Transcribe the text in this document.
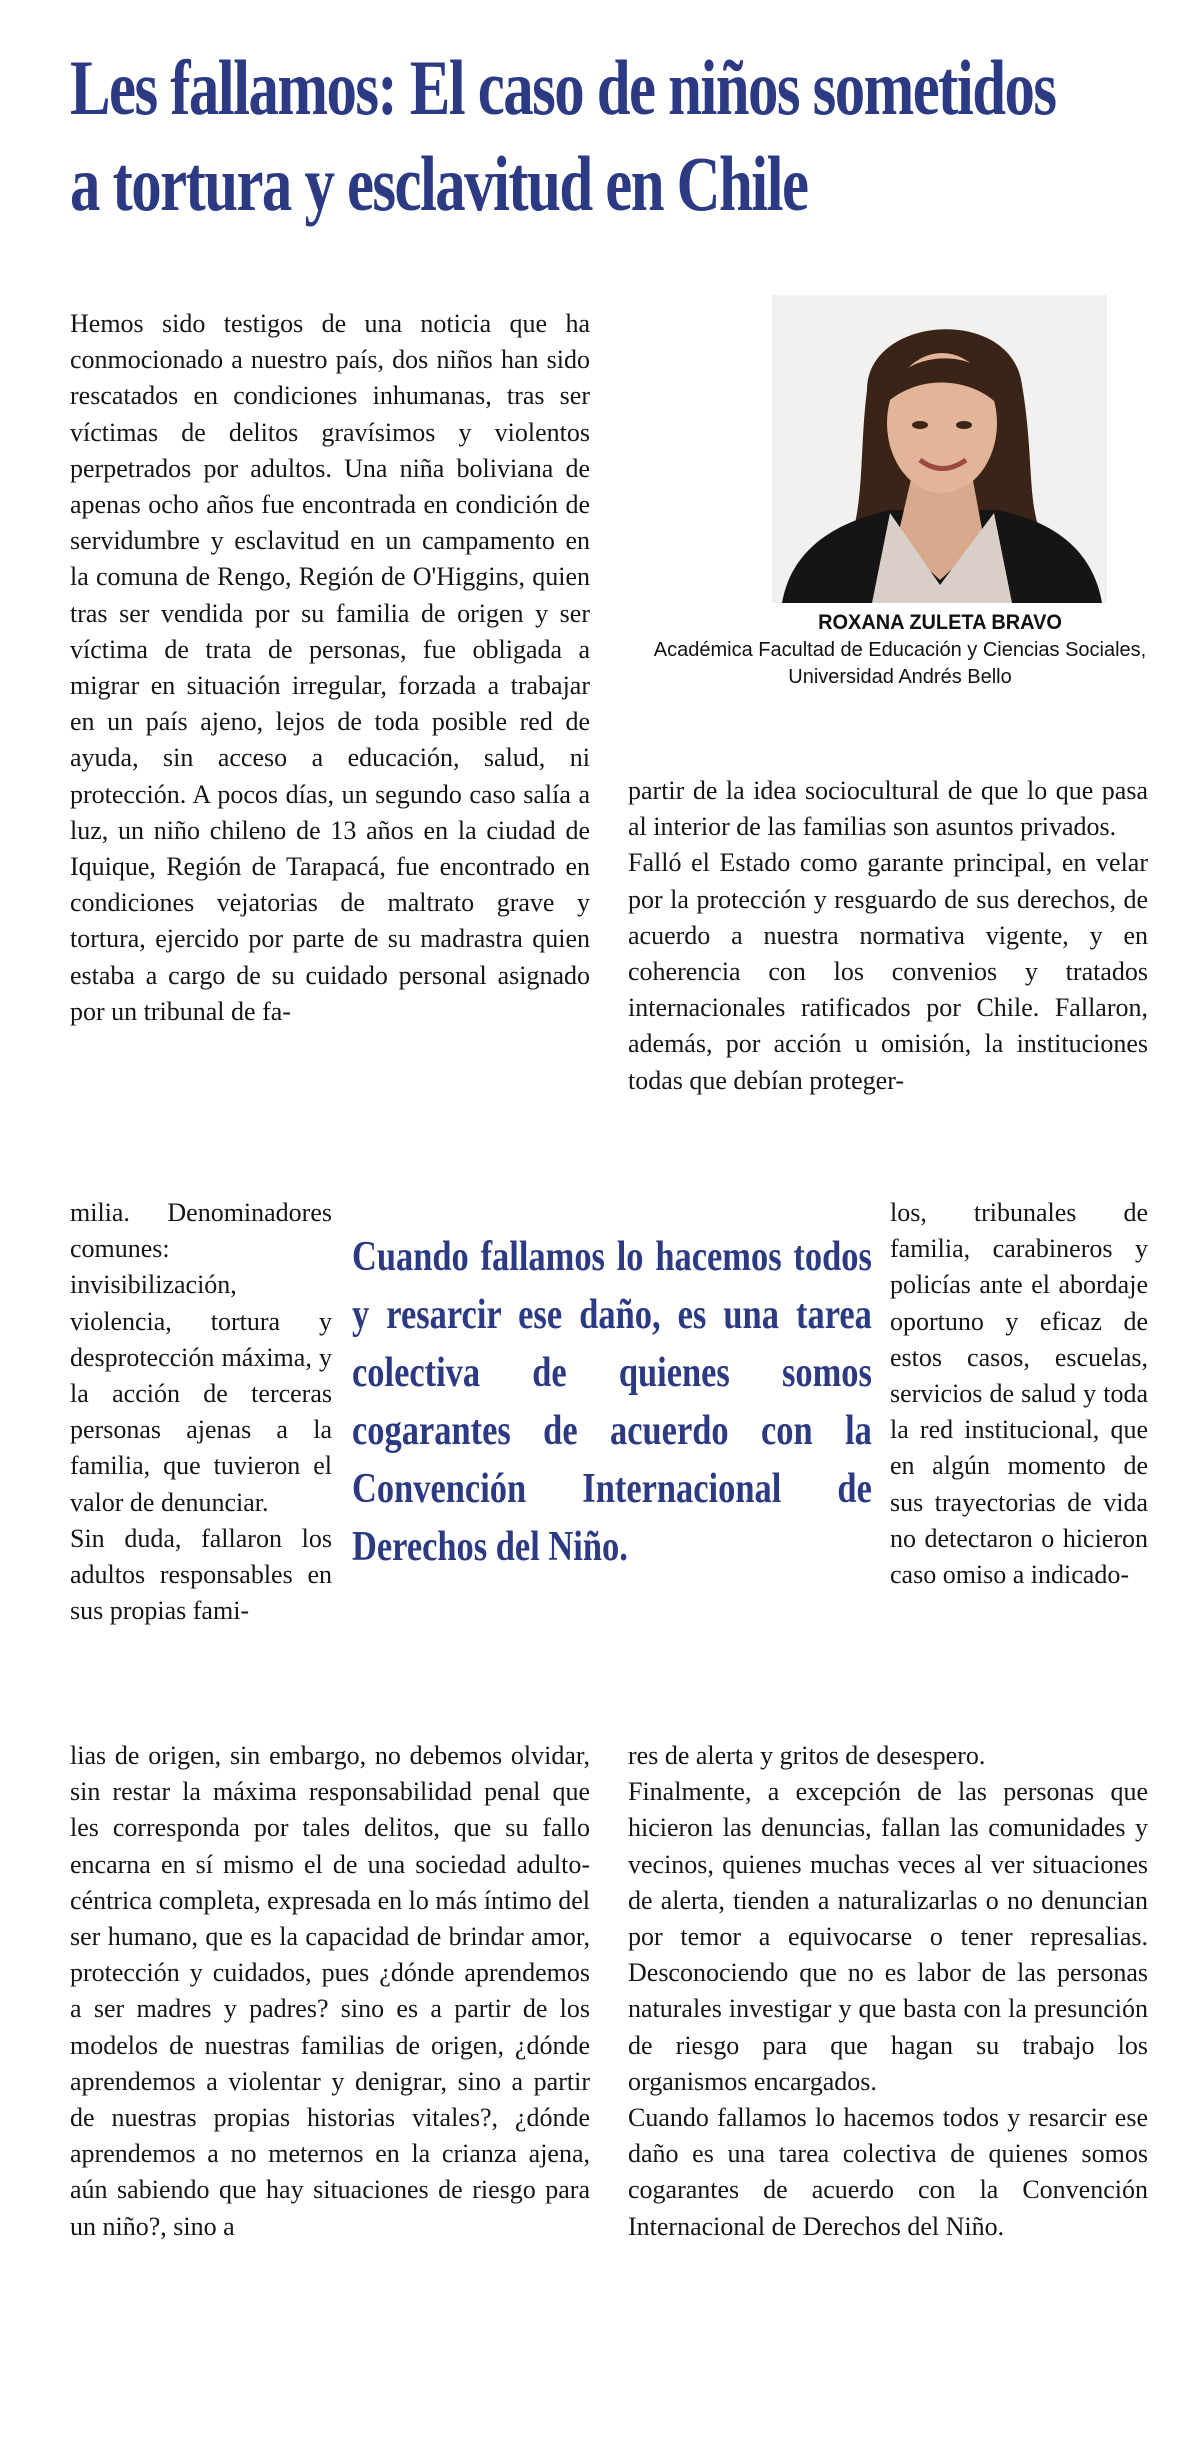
Les fallamos: El caso de niños sometidos
a tortura y esclavitud en Chile
ROXANA ZULETA BRAVO
Académica Facultad de Educación y Ciencias Sociales,
Universidad Andrés Bello

Hemos sido testigos de una noticia que ha conmocionado a nuestro país, dos niños han sido rescatados en condiciones inhumanas, tras ser víctimas de delitos gravísimos y violentos perpetrados por adultos. Una niña boliviana de apenas ocho años fue encontrada en condición de servidumbre y esclavitud en un campamento en la comuna de Rengo, Región de O'Higgins, quien tras ser vendida por su familia de origen y ser víctima de trata de personas, fue obligada a migrar en situación irregular, forzada a trabajar en un país ajeno, lejos de toda posible red de ayuda, sin acceso a educación, salud, ni protección. A pocos días, un segundo caso salía a luz, un niño chileno de 13 años en la ciudad de Iquique, Región de Tarapacá, fue encontrado en condiciones vejatorias de maltrato grave y tortura, ejercido por parte de su madrastra quien estaba a cargo de su cuidado personal asignado por un tribunal de fa-

milia. Denominadores comunes: invisibilización, violencia, tortura y desprotección máxima, y la acción de terceras personas ajenas a la familia, que tuvieron el valor de denunciar.

Sin duda, fallaron los adultos responsables en sus propias fami-

lias de origen, sin embargo, no debemos olvidar, sin restar la máxima responsabilidad penal que les corresponda por tales delitos, que su fallo encarna en sí mismo el de una sociedad adulto-céntrica completa, expresada en lo más íntimo del ser humano, que es la capacidad de brindar amor, protección y cuidados, pues ¿dónde aprendemos a ser madres y padres? sino es a partir de los modelos de nuestras familias de origen, ¿dónde aprendemos a violentar y denigrar, sino a partir de nuestras propias historias vitales?, ¿dónde aprendemos a no meternos en la crianza ajena, aún sabiendo que hay situaciones de riesgo para un niño?, sino a

partir de la idea sociocultural de que lo que pasa al interior de las familias son asuntos privados.

Falló el Estado como garante principal, en velar por la protección y resguardo de sus derechos, de acuerdo a nuestra normativa vigente, y en coherencia con los convenios y tratados internacionales ratificados por Chile. Fallaron, además, por acción u omisión, la instituciones todas que debían proteger-

los, tribunales de familia, carabineros y policías ante el abordaje oportuno y eficaz de estos casos, escuelas, servicios de salud y toda la red institucional, que en algún momento de sus trayectorias de vida no detectaron o hicieron caso omiso a indicado-

res de alerta y gritos de desespero.

Finalmente, a excepción de las personas que hicieron las denuncias, fallan las comunidades y vecinos, quienes muchas veces al ver situaciones de alerta, tienden a naturalizarlas o no denuncian por temor a equivocarse o tener represalias. Desconociendo que no es labor de las personas naturales investigar y que basta con la presunción de riesgo para que hagan su trabajo los organismos encargados.

Cuando fallamos lo hacemos todos y resarcir ese daño es una tarea colectiva de quienes somos cogarantes de acuerdo con la Convención Internacional de Derechos del Niño.

Cuando fallamos lo hacemos todos y resarcir ese daño, es una tarea colectiva de quienes somos cogarantes de acuerdo con la Convención Internacional de Derechos del Niño.
